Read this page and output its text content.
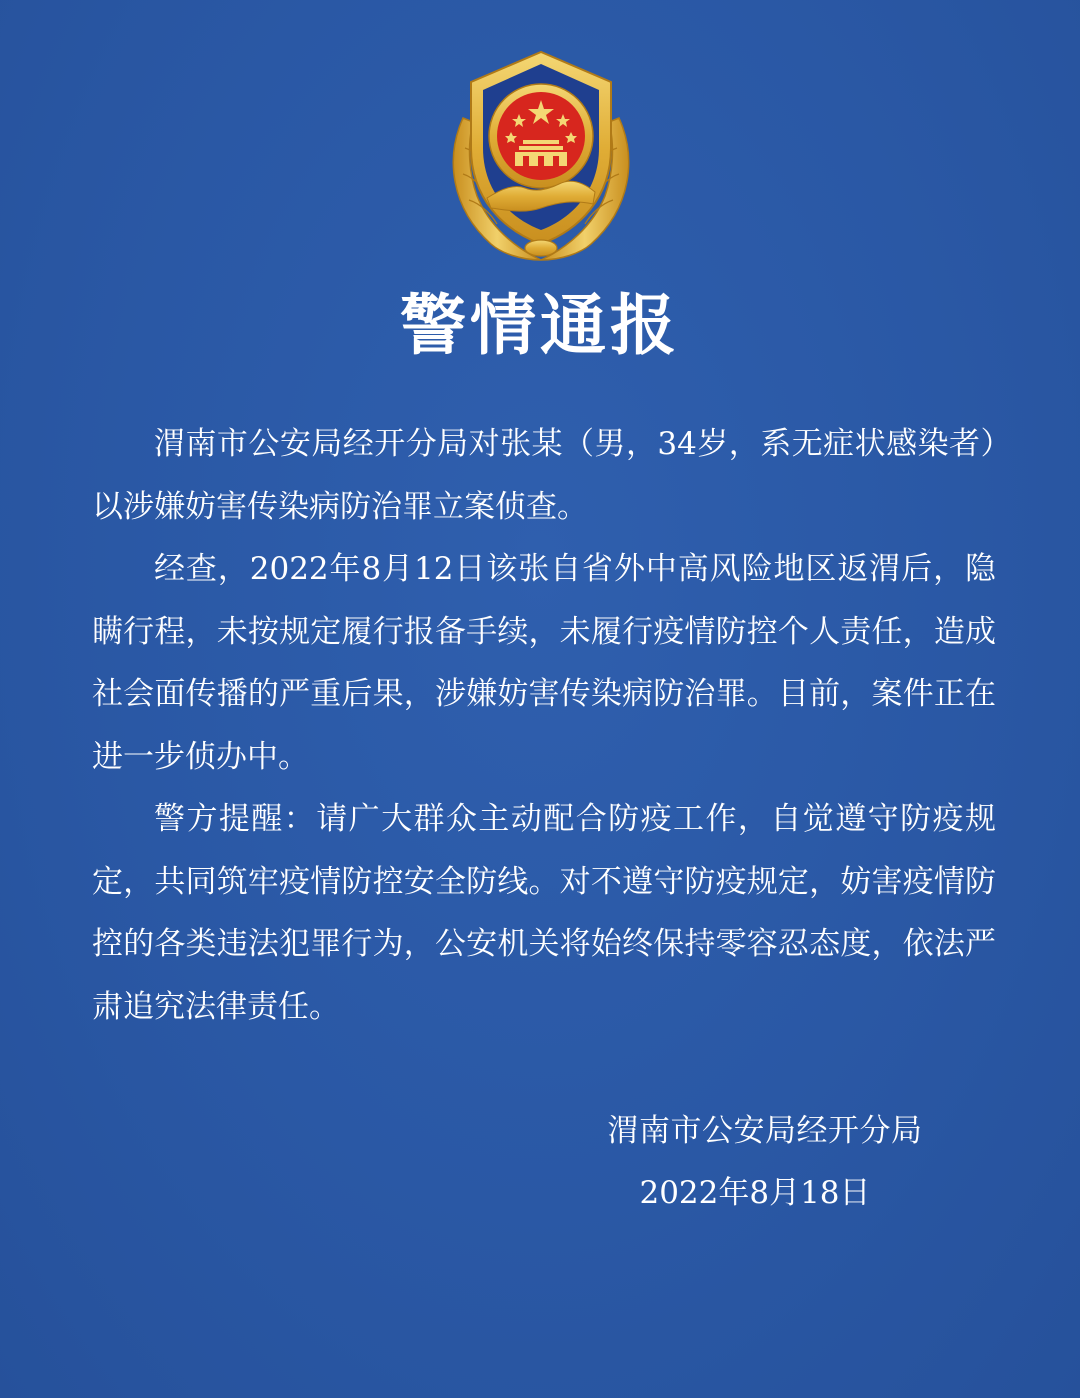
警情通报

渭南市公安局经开分局对张某（男，34岁，系无症状感染者）以涉嫌妨害传染病防治罪立案侦查。

经查，2022年8月12日该张自省外中高风险地区返渭后，隐瞒行程，未按规定履行报备手续，未履行疫情防控个人责任，造成社会面传播的严重后果，涉嫌妨害传染病防治罪。目前，案件正在进一步侦办中。

警方提醒：请广大群众主动配合防疫工作，自觉遵守防疫规定，共同筑牢疫情防控安全防线。对不遵守防疫规定，妨害疫情防控的各类违法犯罪行为，公安机关将始终保持零容忍态度，依法严肃追究法律责任。

渭南市公安局经开分局
2022年8月18日
